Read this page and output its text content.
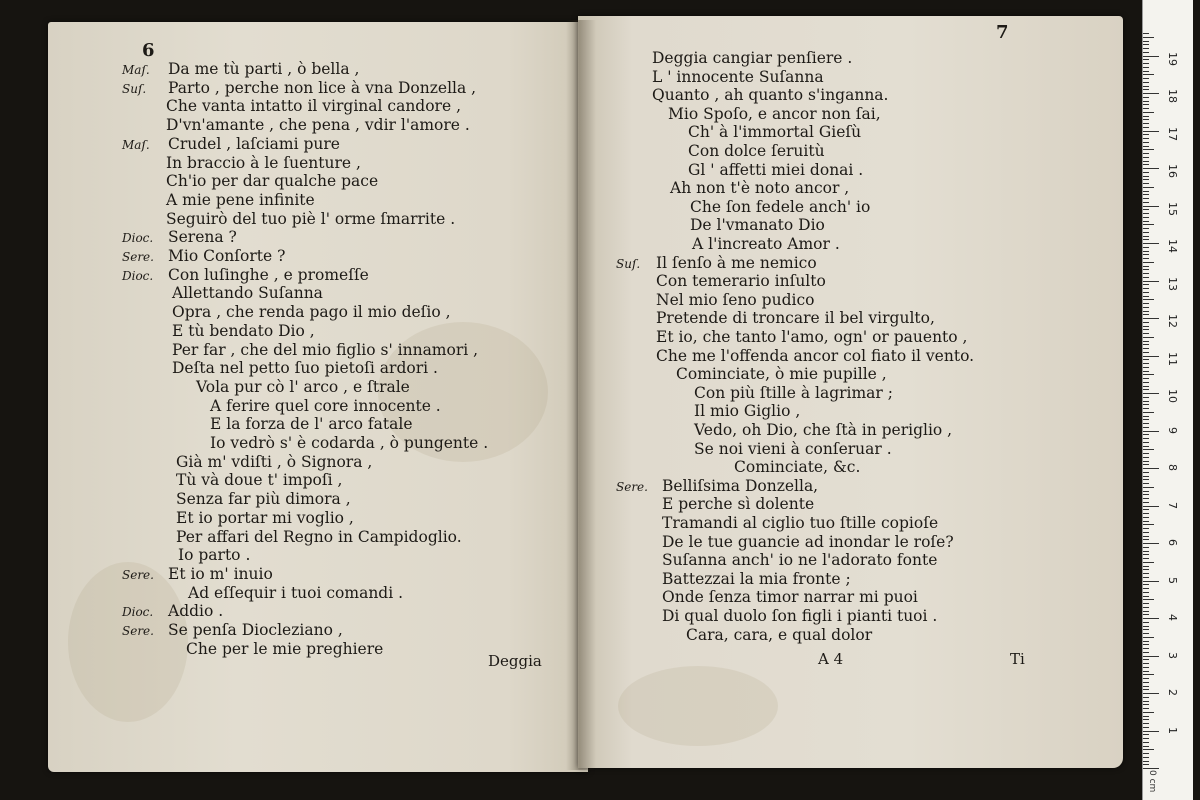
6
7
Maſ. Da me tù parti , ò bella ,
Suſ. Parto , perche non lice à vna Donzella ,
Che vanta intatto il virginal candore ,
D'vn'amante , che pena , vdir l'amore .
Maſ. Crudel , laſciami pure
In braccio à le ſuenture ,
Ch'io per dar qualche pace
A mie pene infinite
Seguirò del tuo piè l' orme ſmarrite .
Dioc. Serena ?
Sere. Mio Conſorte ?
Dioc. Con luſinghe , e promeſſe
Allettando Suſanna
Opra , che renda pago il mio deſio ,
E tù bendato Dio ,
Per far , che del mio figlio s' innamori ,
Deſta nel petto ſuo pietoſi ardori .
Vola pur cò l' arco , e ſtrale
A ferire quel core innocente .
E la forza de l' arco fatale
Io vedrò s' è codarda , ò pungente .
Già m' vdiſti , ò Signora ,
Tù và doue t' impoſi ,
Senza far più dimora ,
Et io portar mi voglio ,
Per affari del Regno in Campidoglio.
Io parto .
Sere. Et io m' inuio
Ad eſſequir i tuoi comandi .
Dioc. Addio .
Sere. Se penſa Diocleziano ,
Che per le mie preghiere
Deggia cangiar penſiere .
L ' innocente Suſanna
Quanto , ah quanto s'inganna.
Mio Spoſo, e ancor non ſai,
Ch' à l'immortal Gieſù
Con dolce ſeruitù
Gl ' affetti miei donai .
Ah non t'è noto ancor ,
Che ſon fedele anch' io
De l'vmanato Dio
A l'increato Amor .
Suſ. Il ſenſo à me nemico
Con temerario inſulto
Nel mio ſeno pudico
Pretende di troncare il bel virgulto,
Et io, che tanto l'amo, ogn' or pauento ,
Che me l'offenda ancor col fiato il vento.
Cominciate, ò mie pupille ,
Con più ſtille à lagrimar ;
Il mio Giglio ,
Vedo, oh Dio, che ſtà in periglio ,
Se noi vieni à conſeruar .
Cominciate, &c.
Sere. Belliſsima Donzella,
E perche sì dolente
Tramandi al ciglio tuo ſtille copioſe
De le tue guancie ad inondar le roſe?
Suſanna anch' io ne l'adorato fonte
Battezzai la mia fronte ;
Onde ſenza timor narrar mi puoi
Di qual duolo ſon figli i pianti tuoi .
Cara, cara, e qual dolor
Deggia	A 4	Ti
0 cm
1
2
3
4
5
6
7
8
9
10
11
12
13
14
15
16
17
18
19
